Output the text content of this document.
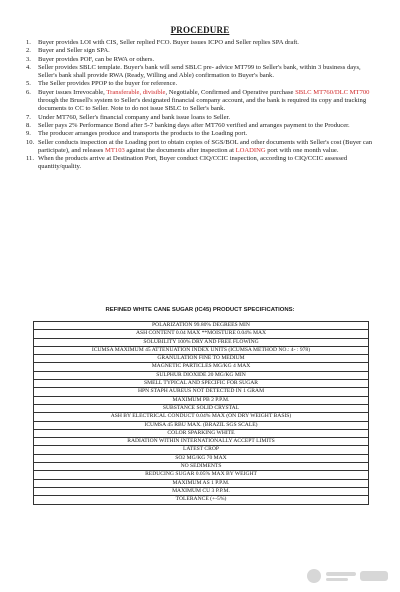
PROCEDURE
1. Buyer provides LOI with CIS, Seller replied FCO. Buyer issues ICPO and Seller replies SPA draft.
2. Buyer and Seller sign SPA.
3. Buyer provides POF, can be RWA or others.
4. Seller provides SBLC template. Buyer's bank will send SBLC pre- advice MT799 to Seller's bank, within 3 business days, Seller's bank shall provide RWA (Ready, Willing and Able) confirmation to Buyer's bank.
5. The Seller provides PPOP to the buyer for reference.
6. Buyer issues Irrevocable, Transferable, divisible, Negotiable, Confirmed and Operative purchase SBLC MT760/DLC MT700 through the Brusell's system to Seller's designated financial company account, and the bank is required its copy and tracking documents to CC to Seller. Note to do not issue SBLC to Seller's bank.
7. Under MT760, Seller's financial company and bank issue loans to Seller.
8. Seller pays 2% Performance Bond after 5-7 banking days after MT760 verified and arranges payment to the Producer.
9. The producer arranges produce and transports the products to the Loading port.
10. Seller conducts inspection at the Loading port to obtain copies of SGS/BOL and other documents with Seller's cost (Buyer can participate), and releases MT103 against the documents after inspection at LOADING port with one month value.
11. When the products arrive at Destination Port, Buyer conduct CIQ/CCIC inspection, according to CIQ/CCIC assessed quantity/quality.
REFINED WHITE CANE SUGAR (IC45) PRODUCT SPECIFICATIONS:
POLARIZATION 99.80% DEGREES MIN
ASH CONTENT 0.04 MAX **MOISTURE 0.04% MAX
SOLUBILITY 100% DRY AND FREE FLOWING
ICUMSA MAXIMUM 45 ATTENUATION INDEX UNITS (ICUMSA METHOD NO.: 4- : 978)
GRANULATION FINE TO MEDIUM
MAGNETIC PARTICLES MG/KG 4 MAX
SULPHUR DIOXIDE 20 MG/KG MIN
SMELL TYPICAL AND SPECIFIC FOR SUGAR
HPN STAPH AUREUS NOT DETECTED IN 1 GRAM
MAXIMUM PB 2 P.P.M.
SUBSTANCE SOLID CRYSTAL
ASH BY ELECTRICAL CONDUCT 0.04% MAX (ON DRY WEIGHT BASIS)
ICUMSA 45 RBU MAX. (BRAZIL SGS SCALE)
COLOR SPARKING WHITE
RADIATION WITHIN INTERNATIONALLY ACCEPT LIMITS
LATEST CROP
SO2 MG/KG 70 MAX
NO SEDIMENTS
REDUCING SUGAR 0.05% MAX BY WEIGHT
MAXIMUM AS 1 P.P.M.
MAXIMUM CU 3 P.P.M.
TOLERANCE (+-5%)
